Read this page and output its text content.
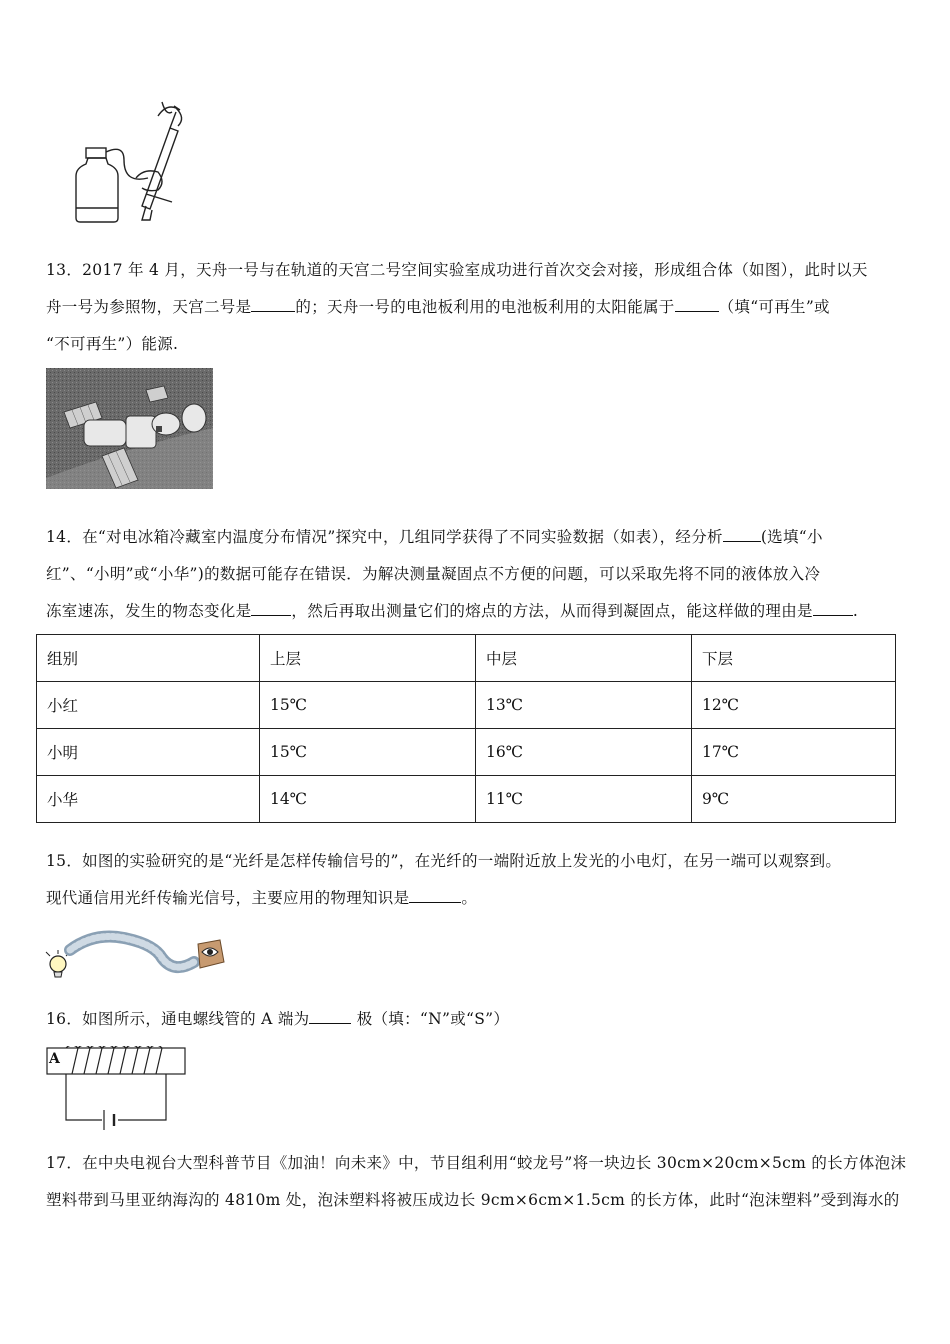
13．2017 年 4 月，天舟一号与在轨道的天宫二号空间实验室成功进行首次交会对接，形成组合体（如图），此时以天
舟一号为参照物，天宫二号是	的；天舟一号的电池板利用的电池板利用的太阳能属于	（填“可再生”或
“不可再生”）能源.
14．在“对电冰箱冷藏室内温度分布情况”探究中，几组同学获得了不同实验数据（如表），经分析 (选填“小
红”、“小明”或“小华”)的数据可能存在错误．为解决测量凝固点不方便的问题，可以采取先将不同的液体放入冷
冻室速冻，发生的物态变化是	，然后再取出测量它们的熔点的方法，从而得到凝固点，能这样做的理由是	.
组别	上层	中层	下层
小红	15℃	13℃	12℃
小明	15℃	16℃	17℃
小华	14℃	11℃	9℃
15．如图的实验研究的是“光纤是怎样传输信号的”，在光纤的一端附近放上发光的小电灯，在另一端可以观察到。
现代通信用光纤传输光信号，主要应用的物理知识是	。
16．如图所示，通电螺线管的 A 端为	极（填：“N”或“S”）
A
17．在中央电视台大型科普节目《加油！向未来》中，节目组利用“蛟龙号”将一块边长 30cm×20cm×5cm 的长方体泡沫
塑料带到马里亚纳海沟的 4810m 处，泡沫塑料将被压成边长 9cm×6cm×1.5cm 的长方体，此时“泡沫塑料”受到海水的
